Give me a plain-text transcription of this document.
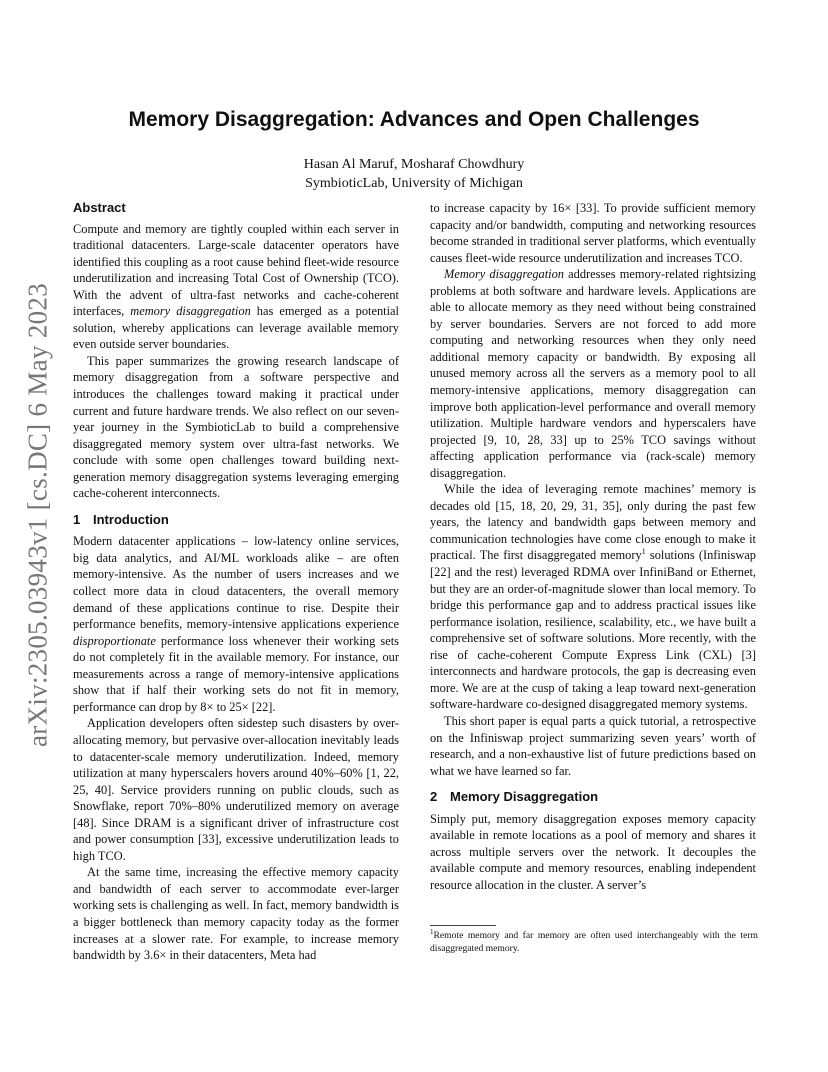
arXiv:2305.03943v1 [cs.DC] 6 May 2023
Memory Disaggregation: Advances and Open Challenges
Hasan Al Maruf, Mosharaf Chowdhury
SymbioticLab, University of Michigan
Abstract

Compute and memory are tightly coupled within each server in traditional datacenters. Large-scale datacenter operators have identified this coupling as a root cause behind fleet-wide resource underutilization and increasing Total Cost of Ownership (TCO). With the advent of ultra-fast networks and cache-coherent interfaces, memory disaggregation has emerged as a potential solution, whereby applications can leverage available memory even outside server boundaries.

This paper summarizes the growing research landscape of memory disaggregation from a software perspective and introduces the challenges toward making it practical under current and future hardware trends. We also reflect on our seven-year journey in the SymbioticLab to build a comprehensive disaggregated memory system over ultra-fast networks. We conclude with some open challenges toward building next-generation memory disaggregation systems leveraging emerging cache-coherent interconnects.

1 Introduction

Modern datacenter applications – low-latency online services, big data analytics, and AI/ML workloads alike – are often memory-intensive. As the number of users increases and we collect more data in cloud datacenters, the overall memory demand of these applications continue to rise. Despite their performance benefits, memory-intensive applications experience disproportionate performance loss whenever their working sets do not completely fit in the available memory. For instance, our measurements across a range of memory-intensive applications show that if half their working sets do not fit in memory, performance can drop by 8× to 25× [22].

Application developers often sidestep such disasters by over-allocating memory, but pervasive over-allocation inevitably leads to datacenter-scale memory underutilization. Indeed, memory utilization at many hyperscalers hovers around 40%–60% [1, 22, 25, 40]. Service providers running on public clouds, such as Snowflake, report 70%–80% underutilized memory on average [48]. Since DRAM is a significant driver of infrastructure cost and power consumption [33], excessive underutilization leads to high TCO.

At the same time, increasing the effective memory capacity and bandwidth of each server to accommodate ever-larger working sets is challenging as well. In fact, memory bandwidth is a bigger bottleneck than memory capacity today as the former increases at a slower rate. For example, to increase memory bandwidth by 3.6× in their datacenters, Meta had

to increase capacity by 16× [33]. To provide sufficient memory capacity and/or bandwidth, computing and networking resources become stranded in traditional server platforms, which eventually causes fleet-wide resource underutilization and increases TCO.

Memory disaggregation addresses memory-related rightsizing problems at both software and hardware levels. Applications are able to allocate memory as they need without being constrained by server boundaries. Servers are not forced to add more computing and networking resources when they only need additional memory capacity or bandwidth. By exposing all unused memory across all the servers as a memory pool to all memory-intensive applications, memory disaggregation can improve both application-level performance and overall memory utilization. Multiple hardware vendors and hyperscalers have projected [9, 10, 28, 33] up to 25% TCO savings without affecting application performance via (rack-scale) memory disaggregation.

While the idea of leveraging remote machines’ memory is decades old [15, 18, 20, 29, 31, 35], only during the past few years, the latency and bandwidth gaps between memory and communication technologies have come close enough to make it practical. The first disaggregated memory$^1$ solutions (Infiniswap [22] and the rest) leveraged RDMA over InfiniBand or Ethernet, but they are an order-of-magnitude slower than local memory. To bridge this performance gap and to address practical issues like performance isolation, resilience, scalability, etc., we have built a comprehensive set of software solutions. More recently, with the rise of cache-coherent Compute Express Link (CXL) [3] interconnects and hardware protocols, the gap is decreasing even more. We are at the cusp of taking a leap toward next-generation software-hardware co-designed disaggregated memory systems.

This short paper is equal parts a quick tutorial, a retrospective on the Infiniswap project summarizing seven years’ worth of research, and a non-exhaustive list of future predictions based on what we have learned so far.

2 Memory Disaggregation

Simply put, memory disaggregation exposes memory capacity available in remote locations as a pool of memory and shares it across multiple servers over the network. It decouples the available compute and memory resources, enabling independent resource allocation in the cluster. A server’s

$^1$Remote memory and far memory are often used interchangeably with the term disaggregated memory.
